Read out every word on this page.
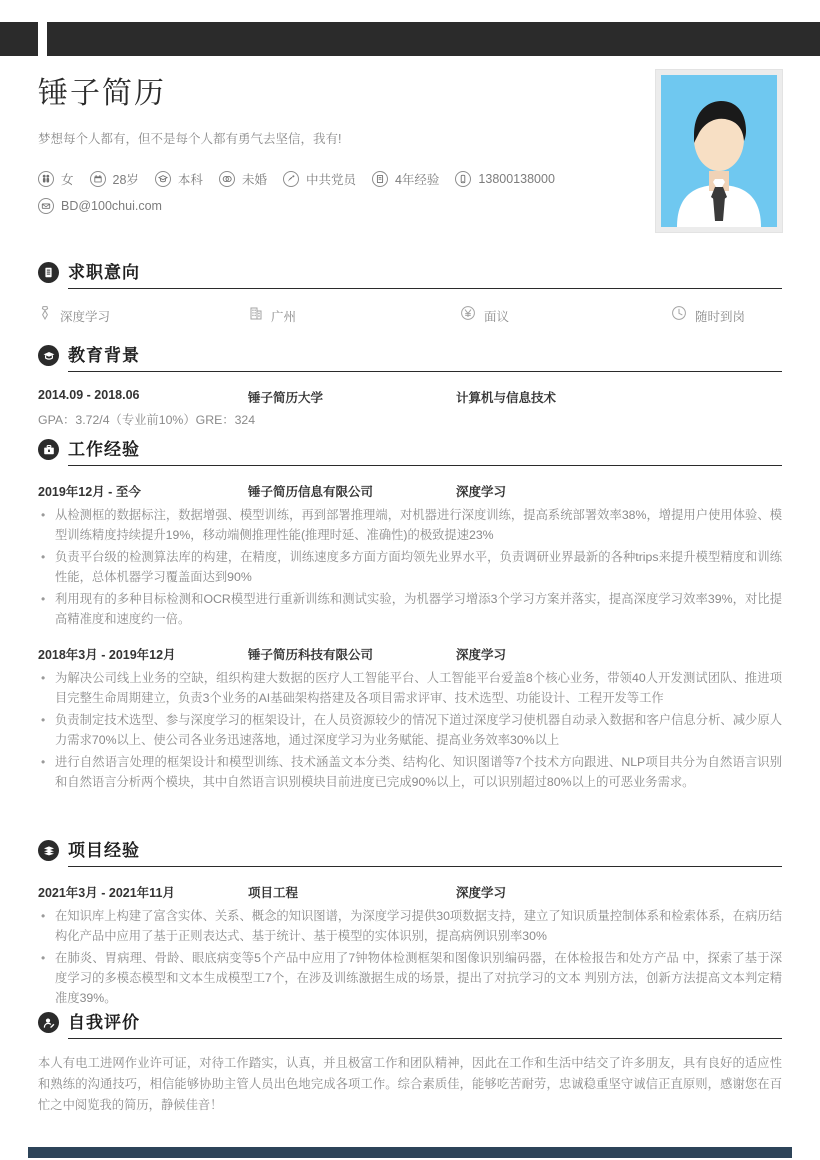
锤子简历
梦想每个人都有，但不是每个人都有勇气去坚信，我有!
女	28岁	本科	未婚	中共党员	4年经验	13800138000
BD@100chui.com
求职意向
深度学习	广州	面议	随时到岗
教育背景
2014.09 - 2018.06	锤子简历大学	计算机与信息技术
GPA：3.72/4（专业前10%）GRE：324
工作经验
2019年12月 - 至今	锤子简历信息有限公司	深度学习
• 从检测框的数据标注，数据增强、模型训练，再到部署推理端，对机器进行深度训练，提高系统部署效率38%，增提用户使用体验、模型训练精度持续提升19%，移动端侧推理性能(推理时延、准确性)的极致提速23%
• 负责平台级的检测算法库的构建，在精度，训练速度多方面方面均领先业界水平，负责调研业界最新的各种trips来提升模型精度和训练性能，总体机器学习覆盖面达到90%
• 利用现有的多种目标检测和OCR模型进行重新训练和测试实验，为机器学习增添3个学习方案并落实，提高深度学习效率39%，对比提高精准度和速度约一倍。
2018年3月 - 2019年12月	锤子简历科技有限公司	深度学习
• 为解决公司线上业务的空缺，组织构建大数据的医疗人工智能平台、人工智能平台爱盖8个核心业务，带领40人开发测试团队、推进项目完整生命周期建立，负责3个业务的AI基础架构搭建及各项目需求评审、技术选型、功能设计、工程开发等工作
• 负责制定技术选型、参与深度学习的框架设计，在人员资源较少的情况下道过深度学习使机器自动录入数据和客户信息分析、减少原人力需求70%以上、使公司各业务迅速落地，通过深度学习为业务赋能、提高业务效率30%以上
• 进行自然语言处理的框架设计和模型训练、技术涵盖文本分类、结构化、知识图谱等7个技术方向跟进、NLP项目共分为自然语言识别和自然语言分析两个模块，其中自然语言识别模块目前进度已完成90%以上，可以识别超过80%以上的可恶业务需求。
项目经验
2021年3月 - 2021年11月	项目工程	深度学习
• 在知识库上构建了富含实体、关系、概念的知识图谱，为深度学习提供30项数据支持，建立了知识质量控制体系和检索体系，在病历结构化产品中应用了基于正则表达式、基于统计、基于模型的实体识别，提高病例识别率30%
• 在肺炎、胃病理、骨龄、眼底病变等5个产品中应用了7钟物体检测框架和图像识别编码器，在体检报告和处方产品 中，探索了基于深度学习的多模态模型和文本生成模型工7个，在涉及训练激据生成的场景，提出了对抗学习的文本 判别方法，创新方法提高文本判定精准度39%。
自我评价
本人有电工进网作业许可证，对待工作踏实，认真，并且极富工作和团队精神，因此在工作和生活中结交了许多朋友，具有良好的适应性和熟练的沟通技巧，相信能够协助主管人员出色地完成各项工作。综合素质佳，能够吃苦耐劳，忠诚稳重坚守诚信正直原则，感谢您在百忙之中阅览我的简历，静候佳音！
